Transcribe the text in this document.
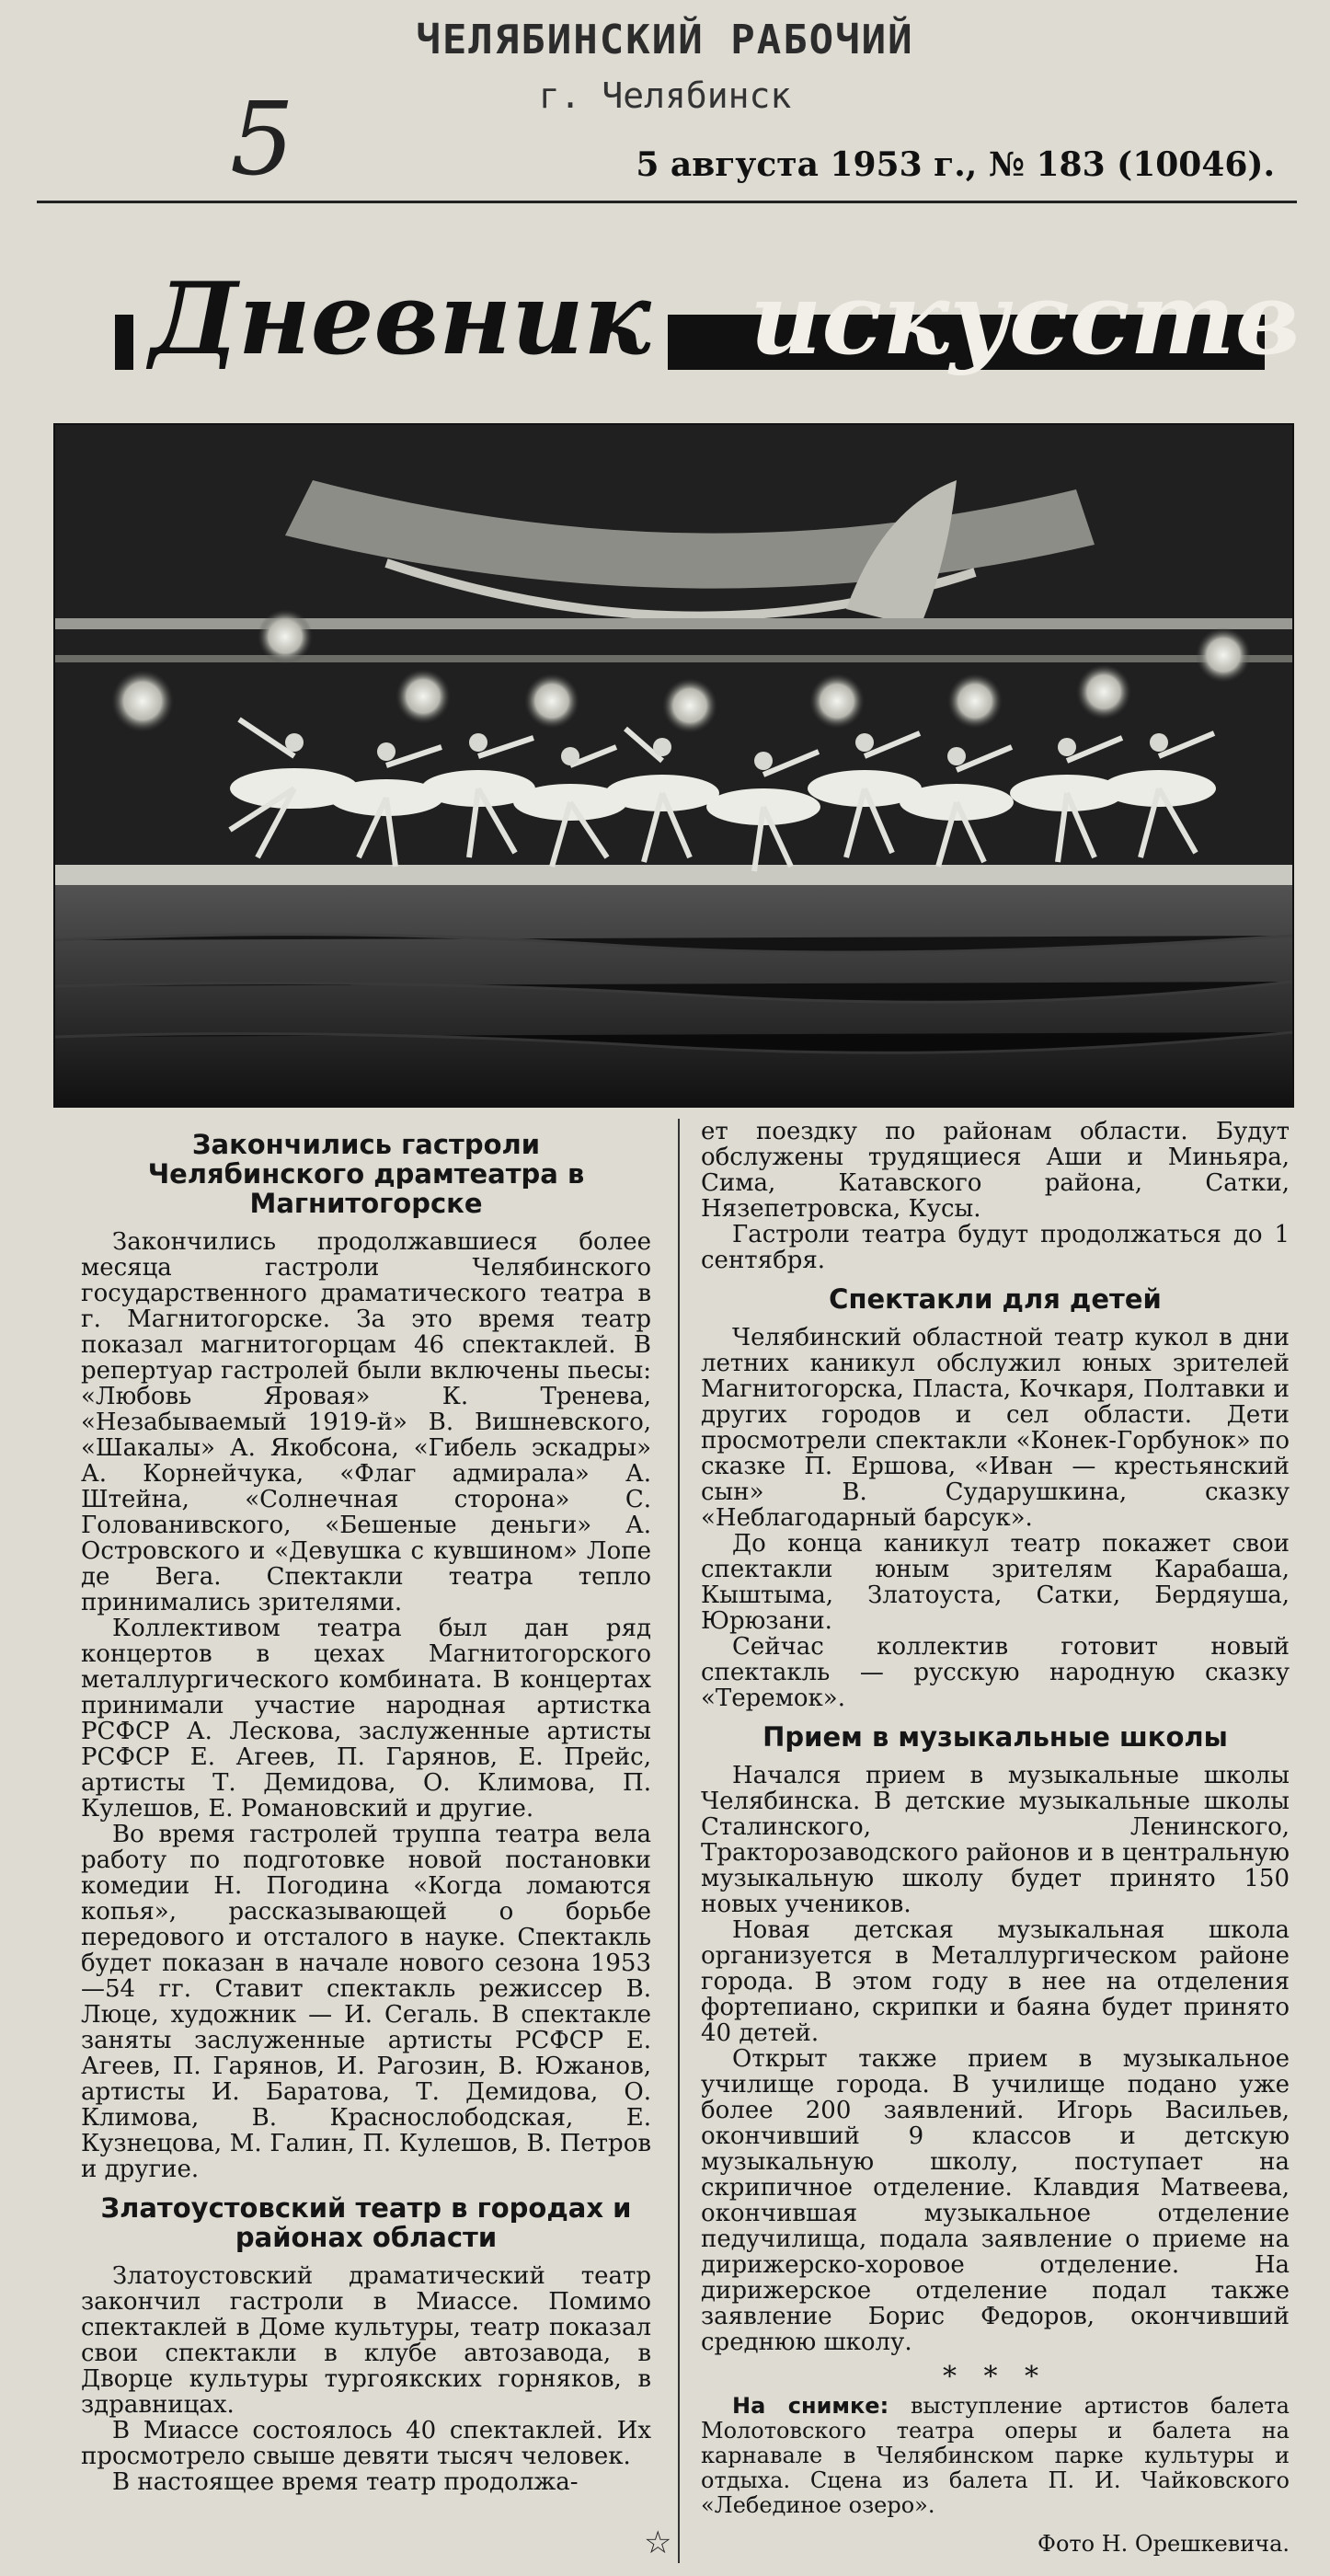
ЧЕЛЯБИНСКИЙ РАБОЧИЙ
г. Челябинск
5	5 августа 1953 г., № 183 (10046).
Дневник искусств
Закончились гастроли Челябинского драмтеатра в Магнитогорске

Закончились продолжавшиеся более месяца гастроли Челябинского государственного драматического театра в г. Магнитогорске. За это время театр показал магнитогорцам 46 спектаклей. В репертуар гастролей были включены пьесы: «Любовь Яровая» К. Тренева, «Незабываемый 1919-й» В. Вишневского, «Шакалы» А. Якобсона, «Гибель эскадры» А. Корнейчука, «Флаг адмирала» А. Штейна, «Солнечная сторона» С. Голованивского, «Бешеные деньги» А. Островского и «Девушка с кувшином» Лопе де Вега. Спектакли театра тепло принимались зрителями.

Коллективом театра был дан ряд концертов в цехах Магнитогорского металлургического комбината. В концертах принимали участие народная артистка РСФСР А. Лескова, заслуженные артисты РСФСР Е. Агеев, П. Гарянов, Е. Прейс, артисты Т. Демидова, О. Климова, П. Кулешов, Е. Романовский и другие.

Во время гастролей труппа театра вела работу по подготовке новой постановки комедии Н. Погодина «Когда ломаются копья», рассказывающей о борьбе передового и отсталого в науке. Спектакль будет показан в начале нового сезона 1953—54 гг. Ставит спектакль режиссер В. Люце, художник — И. Сегаль. В спектакле заняты заслуженные артисты РСФСР Е. Агеев, П. Гарянов, И. Рагозин, В. Южанов, артисты И. Баратова, Т. Демидова, О. Климова, В. Краснослободская, Е. Кузнецова, М. Галин, П. Кулешов, В. Петров и другие.

Златоустовский театр в городах и районах области

Златоустовский драматический театр закончил гастроли в Миассе. Помимо спектаклей в Доме культуры, театр показал свои спектакли в клубе автозавода, в Дворце культуры тургоякских горняков, в здравницах.

В Миассе состоялось 40 спектаклей. Их просмотрело свыше девяти тысяч человек.

В настоящее время театр продолжа-

ет поездку по районам области. Будут обслужены трудящиеся Аши и Миньяра, Сима, Катавского района, Сатки, Нязепетровска, Кусы.

Гастроли театра будут продолжаться до 1 сентября.

Спектакли для детей

Челябинский областной театр кукол в дни летних каникул обслужил юных зрителей Магнитогорска, Пласта, Кочкаря, Полтавки и других городов и сел области. Дети просмотрели спектакли «Конек-Горбунок» по сказке П. Ершова, «Иван — крестьянский сын» В. Сударушкина, сказку «Неблагодарный барсук».

До конца каникул театр покажет свои спектакли юным зрителям Карабаша, Кыштыма, Златоуста, Сатки, Бердяуша, Юрюзани.

Сейчас коллектив готовит новый спектакль — русскую народную сказку «Теремок».

Прием в музыкальные школы

Начался прием в музыкальные школы Челябинска. В детские музыкальные школы Сталинского, Ленинского, Тракторозаводского районов и в центральную музыкальную школу будет принято 150 новых учеников.

Новая детская музыкальная школа организуется в Металлургическом районе города. В этом году в нее на отделения фортепиано, скрипки и баяна будет принято 40 детей.

Открыт также прием в музыкальное училище города. В училище подано уже более 200 заявлений. Игорь Васильев, окончивший 9 классов и детскую музыкальную школу, поступает на скрипичное отделение. Клавдия Матвеева, окончившая музыкальное отделение педучилища, подала заявление о приеме на дирижерско-хоровое отделение. На дирижерское отделение подал также заявление Борис Федоров, окончивший среднюю школу.

* * *
На снимке: выступление артистов балета Молотовского театра оперы и балета на карнавале в Челябинском парке культуры и отдыха. Сцена из балета П. И. Чайковского «Лебединое озеро».
Фото Н. Орешкевича.
☆
